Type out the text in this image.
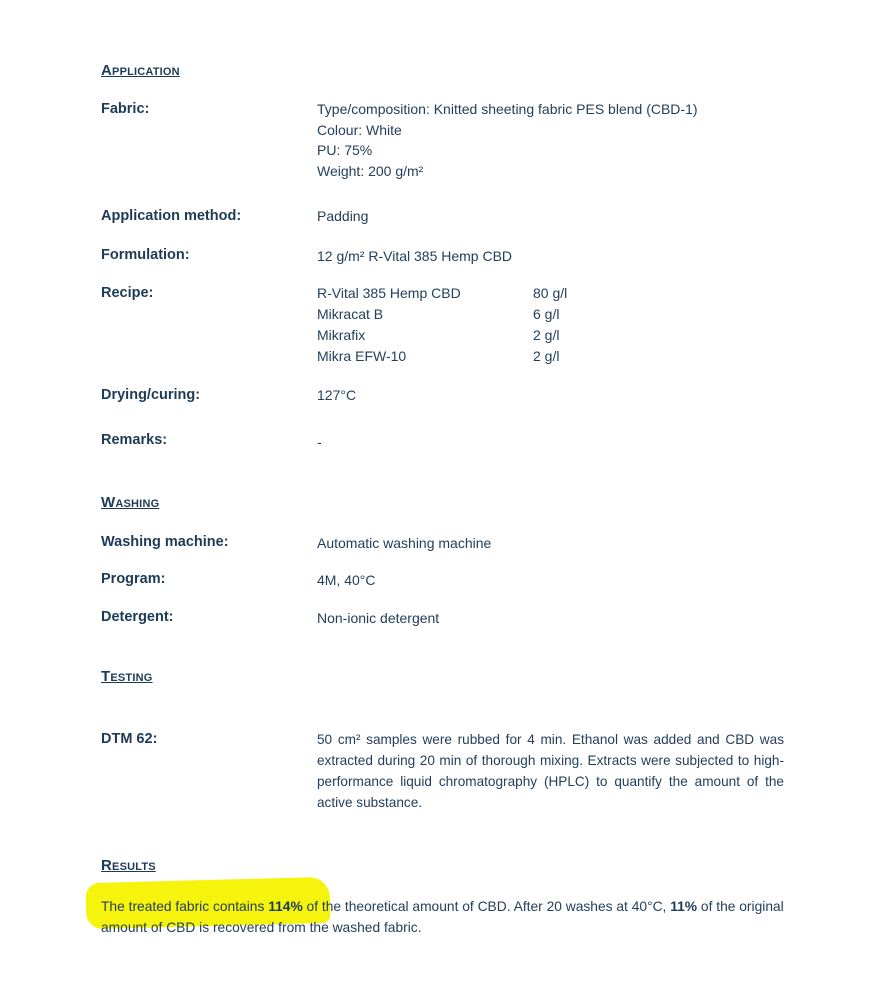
Application
Fabric:	Type/composition: Knitted sheeting fabric PES blend (CBD-1)
Colour: White
PU: 75%
Weight: 200 g/m²
Application method:	Padding
Formulation:	12 g/m² R-Vital 385 Hemp CBD
Recipe:	R-Vital 385 Hemp CBD	80 g/l
Mikracat B	6 g/l
Mikrafix	2 g/l
Mikra EFW-10	2 g/l
Drying/curing:	127°C
Remarks:	-
Washing
Washing machine:	Automatic washing machine
Program:	4M, 40°C
Detergent:	Non-ionic detergent
Testing
DTM 62:	50 cm² samples were rubbed for 4 min. Ethanol was added and CBD was extracted during 20 min of thorough mixing. Extracts were subjected to high-performance liquid chromatography (HPLC) to quantify the amount of the active substance.
Results
The treated fabric contains 114% of the theoretical amount of CBD. After 20 washes at 40°C, 11% of the original amount of CBD is recovered from the washed fabric.
